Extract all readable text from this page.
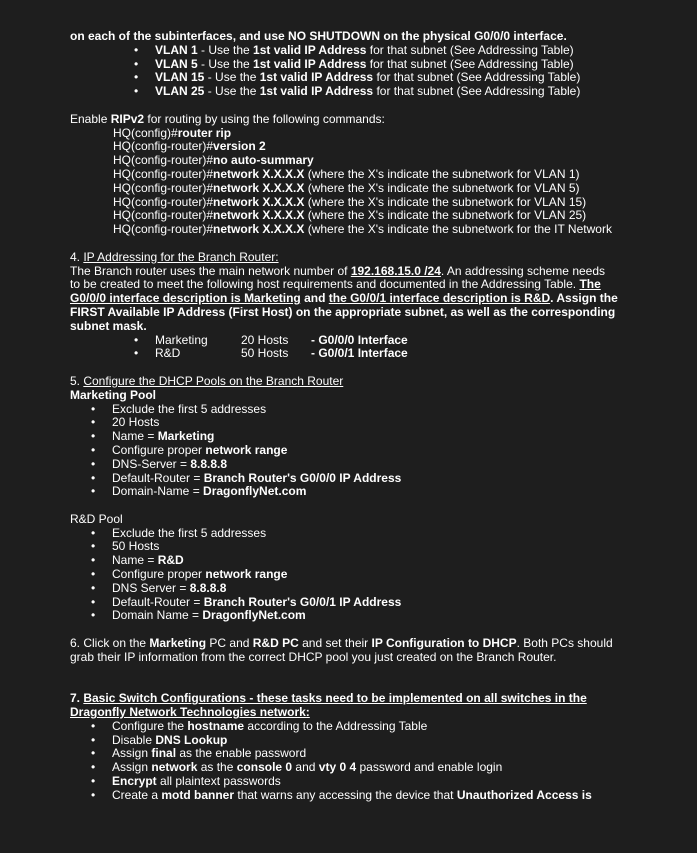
on each of the subinterfaces, and use NO SHUTDOWN on the physical G0/0/0 interface.

• VLAN 1 - Use the 1st valid IP Address for that subnet (See Addressing Table)
• VLAN 5 - Use the 1st valid IP Address for that subnet (See Addressing Table)
• VLAN 15 - Use the 1st valid IP Address for that subnet (See Addressing Table)
• VLAN 25 - Use the 1st valid IP Address for that subnet (See Addressing Table)

Enable RIPv2 for routing by using the following commands:

HQ(config)#router rip
HQ(config-router)#version 2
HQ(config-router)#no auto-summary
HQ(config-router)#network X.X.X.X (where the X's indicate the subnetwork for VLAN 1)
HQ(config-router)#network X.X.X.X (where the X's indicate the subnetwork for VLAN 5)
HQ(config-router)#network X.X.X.X (where the X's indicate the subnetwork for VLAN 15)
HQ(config-router)#network X.X.X.X (where the X's indicate the subnetwork for VLAN 25)
HQ(config-router)#network X.X.X.X (where the X's indicate the subnetwork for the IT Network

4. IP Addressing for the Branch Router:

The Branch router uses the main network number of 192.168.15.0 /24. An addressing scheme needs to be created to meet the following host requirements and documented in the Addressing Table. The G0/0/0 interface description is Marketing and the G0/0/1 interface description is R&D. Assign the FIRST Available IP Address (First Host) on the appropriate subnet, as well as the corresponding subnet mask.

• Marketing	20 Hosts	- G0/0/0 Interface
• R&D	50 Hosts	- G0/0/1 Interface

5. Configure the DHCP Pools on the Branch Router

Marketing Pool

• Exclude the first 5 addresses
• 20 Hosts
• Name = Marketing
• Configure proper network range
• DNS-Server = 8.8.8.8
• Default-Router = Branch Router's G0/0/0 IP Address
• Domain-Name = DragonflyNet.com

R&D Pool

• Exclude the first 5 addresses
• 50 Hosts
• Name = R&D
• Configure proper network range
• DNS Server = 8.8.8.8
• Default-Router = Branch Router's G0/0/1 IP Address
• Domain Name = DragonflyNet.com

6. Click on the Marketing PC and R&D PC and set their IP Configuration to DHCP. Both PCs should grab their IP information from the correct DHCP pool you just created on the Branch Router.

7. Basic Switch Configurations - these tasks need to be implemented on all switches in the Dragonfly Network Technologies network:

• Configure the hostname according to the Addressing Table
• Disable DNS Lookup
• Assign final as the enable password
• Assign network as the console 0 and vty 0 4 password and enable login
• Encrypt all plaintext passwords
• Create a motd banner that warns any accessing the device that Unauthorized Access is
